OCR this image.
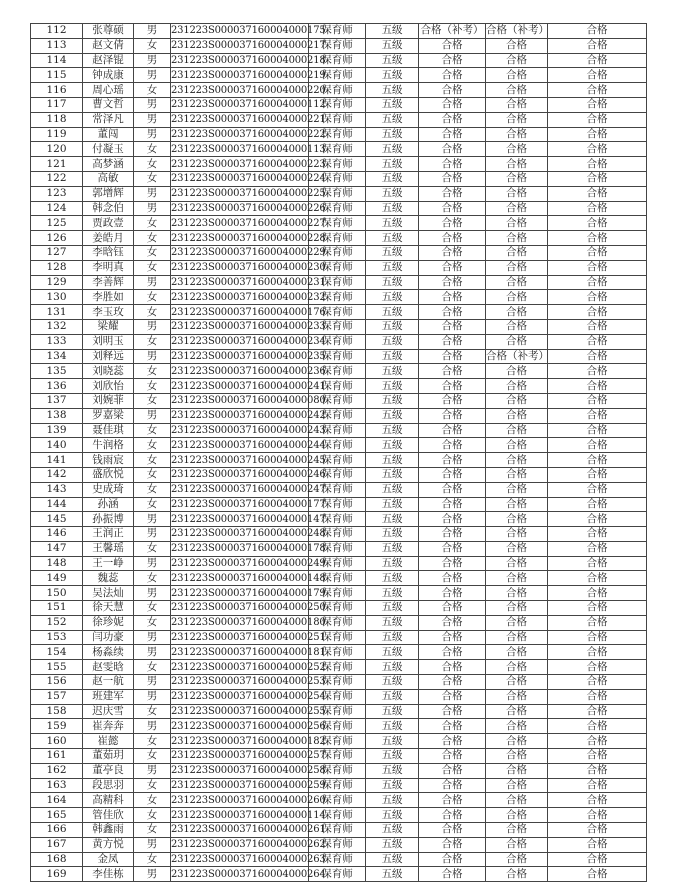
112	张尊硕	男	231223S000037160004000175	保育师	五级	合格（补考）	合格（补考）	合格
113	赵文倩	女	231223S000037160004000217	保育师	五级	合格	合格	合格
114	赵泽锟	男	231223S000037160004000218	保育师	五级	合格	合格	合格
115	钟成康	男	231223S000037160004000219	保育师	五级	合格	合格	合格
116	周心瑶	女	231223S000037160004000220	保育师	五级	合格	合格	合格
117	曹文哲	男	231223S000037160004000112	保育师	五级	合格	合格	合格
118	常泽凡	男	231223S000037160004000221	保育师	五级	合格	合格	合格
119	董闯	男	231223S000037160004000222	保育师	五级	合格	合格	合格
120	付凝玉	女	231223S000037160004000113	保育师	五级	合格	合格	合格
121	高梦涵	女	231223S000037160004000223	保育师	五级	合格	合格	合格
122	高敏	女	231223S000037160004000224	保育师	五级	合格	合格	合格
123	郭增辉	男	231223S000037160004000225	保育师	五级	合格	合格	合格
124	韩念伯	男	231223S000037160004000226	保育师	五级	合格	合格	合格
125	贾政壹	女	231223S000037160004000227	保育师	五级	合格	合格	合格
126	姜皓月	女	231223S000037160004000228	保育师	五级	合格	合格	合格
127	李晗钰	女	231223S000037160004000229	保育师	五级	合格	合格	合格
128	李明真	女	231223S000037160004000230	保育师	五级	合格	合格	合格
129	李善辉	男	231223S000037160004000231	保育师	五级	合格	合格	合格
130	李胜如	女	231223S000037160004000232	保育师	五级	合格	合格	合格
131	李玉玫	女	231223S000037160004000176	保育师	五级	合格	合格	合格
132	梁耀	男	231223S000037160004000233	保育师	五级	合格	合格	合格
133	刘明玉	女	231223S000037160004000234	保育师	五级	合格	合格	合格
134	刘释远	男	231223S000037160004000235	保育师	五级	合格	合格（补考）	合格
135	刘晓蕊	女	231223S000037160004000236	保育师	五级	合格	合格	合格
136	刘欣怡	女	231223S000037160004000241	保育师	五级	合格	合格	合格
137	刘婉菲	女	231223S000037160004000080	保育师	五级	合格	合格	合格
138	罗嘉梁	男	231223S000037160004000242	保育师	五级	合格	合格	合格
139	聂佳琪	女	231223S000037160004000243	保育师	五级	合格	合格	合格
140	牛润格	女	231223S000037160004000244	保育师	五级	合格	合格	合格
141	钱雨宸	女	231223S000037160004000245	保育师	五级	合格	合格	合格
142	盛欣悦	女	231223S000037160004000246	保育师	五级	合格	合格	合格
143	史成琦	女	231223S000037160004000247	保育师	五级	合格	合格	合格
144	孙涵	女	231223S000037160004000177	保育师	五级	合格	合格	合格
145	孙振博	男	231223S000037160004000147	保育师	五级	合格	合格	合格
146	王润正	男	231223S000037160004000248	保育师	五级	合格	合格	合格
147	王馨瑶	女	231223S000037160004000178	保育师	五级	合格	合格	合格
148	王一峥	男	231223S000037160004000249	保育师	五级	合格	合格	合格
149	魏蕊	女	231223S000037160004000148	保育师	五级	合格	合格	合格
150	吴法灿	男	231223S000037160004000179	保育师	五级	合格	合格	合格
151	徐天慧	女	231223S000037160004000250	保育师	五级	合格	合格	合格
152	徐珍妮	女	231223S000037160004000180	保育师	五级	合格	合格	合格
153	闫功豪	男	231223S000037160004000251	保育师	五级	合格	合格	合格
154	杨淼续	男	231223S000037160004000181	保育师	五级	合格	合格	合格
155	赵雯晗	女	231223S000037160004000252	保育师	五级	合格	合格	合格
156	赵一航	男	231223S000037160004000253	保育师	五级	合格	合格	合格
157	班建军	男	231223S000037160004000254	保育师	五级	合格	合格	合格
158	迟庆雪	女	231223S000037160004000255	保育师	五级	合格	合格	合格
159	崔奔奔	男	231223S000037160004000256	保育师	五级	合格	合格	合格
160	崔懿	女	231223S000037160004000182	保育师	五级	合格	合格	合格
161	董茹玥	女	231223S000037160004000257	保育师	五级	合格	合格	合格
162	董亭良	男	231223S000037160004000258	保育师	五级	合格	合格	合格
163	段思羽	女	231223S000037160004000259	保育师	五级	合格	合格	合格
164	高精科	女	231223S000037160004000260	保育师	五级	合格	合格	合格
165	管佳欣	女	231223S000037160004000114	保育师	五级	合格	合格	合格
166	韩鑫雨	女	231223S000037160004000261	保育师	五级	合格	合格	合格
167	黄方悦	男	231223S000037160004000262	保育师	五级	合格	合格	合格
168	金凤	女	231223S000037160004000263	保育师	五级	合格	合格	合格
169	李佳栋	男	231223S000037160004000264	保育师	五级	合格	合格	合格
